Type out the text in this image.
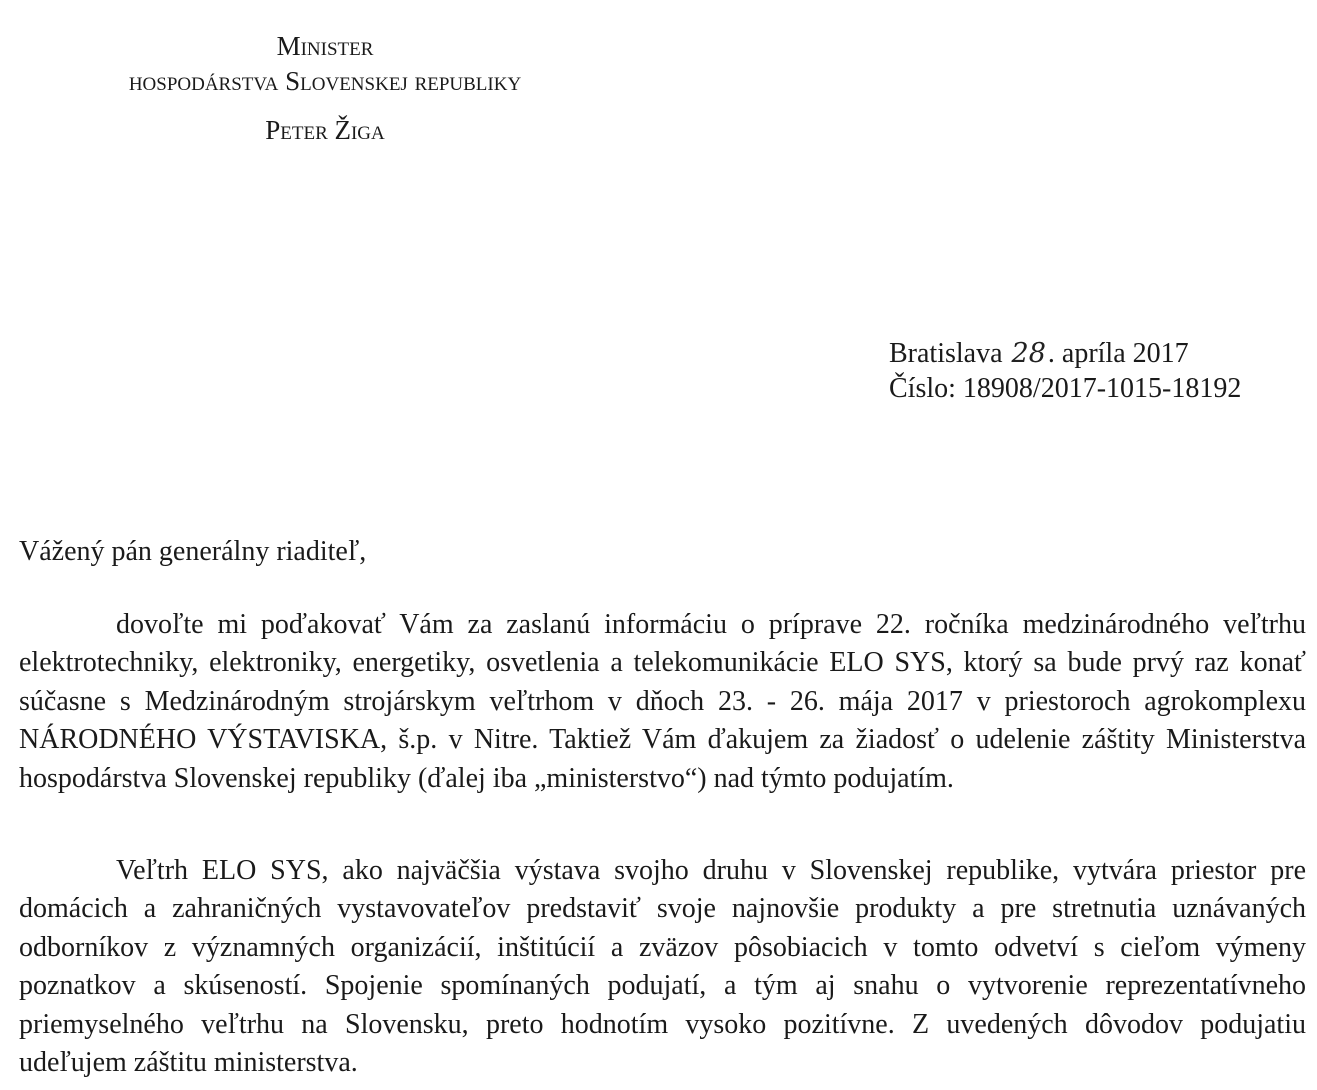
Minister
hospodárstva Slovenskej republiky
Peter Žiga
Bratislava 28. apríla 2017
Číslo: 18908/2017-1015-18192
Vážený pán generálny riaditeľ,

dovoľte mi poďakovať Vám za zaslanú informáciu o príprave 22. ročníka medzinárodného veľtrhu elektrotechniky, elektroniky, energetiky, osvetlenia a telekomunikácie ELO SYS, ktorý sa bude prvý raz konať súčasne s Medzinárodným strojárskym veľtrhom v dňoch 23. - 26. mája 2017 v priestoroch agrokomplexu NÁRODNÉHO VÝSTAVISKA, š.p. v Nitre. Taktiež Vám ďakujem za žiadosť o udelenie záštity Ministerstva hospodárstva Slovenskej republiky (ďalej iba „ministerstvo“) nad týmto podujatím.

Veľtrh ELO SYS, ako najväčšia výstava svojho druhu v Slovenskej republike, vytvára priestor pre domácich a zahraničných vystavovateľov predstaviť svoje najnovšie produkty a pre stretnutia uznávaných odborníkov z významných organizácií, inštitúcií a zväzov pôsobiacich v tomto odvetví s cieľom výmeny poznatkov a skúseností. Spojenie spomínaných podujatí, a tým aj snahu o vytvorenie reprezentatívneho priemyselného veľtrhu na Slovensku, preto hodnotím vysoko pozitívne. Z uvedených dôvodov podujatiu udeľujem záštitu ministerstva.
